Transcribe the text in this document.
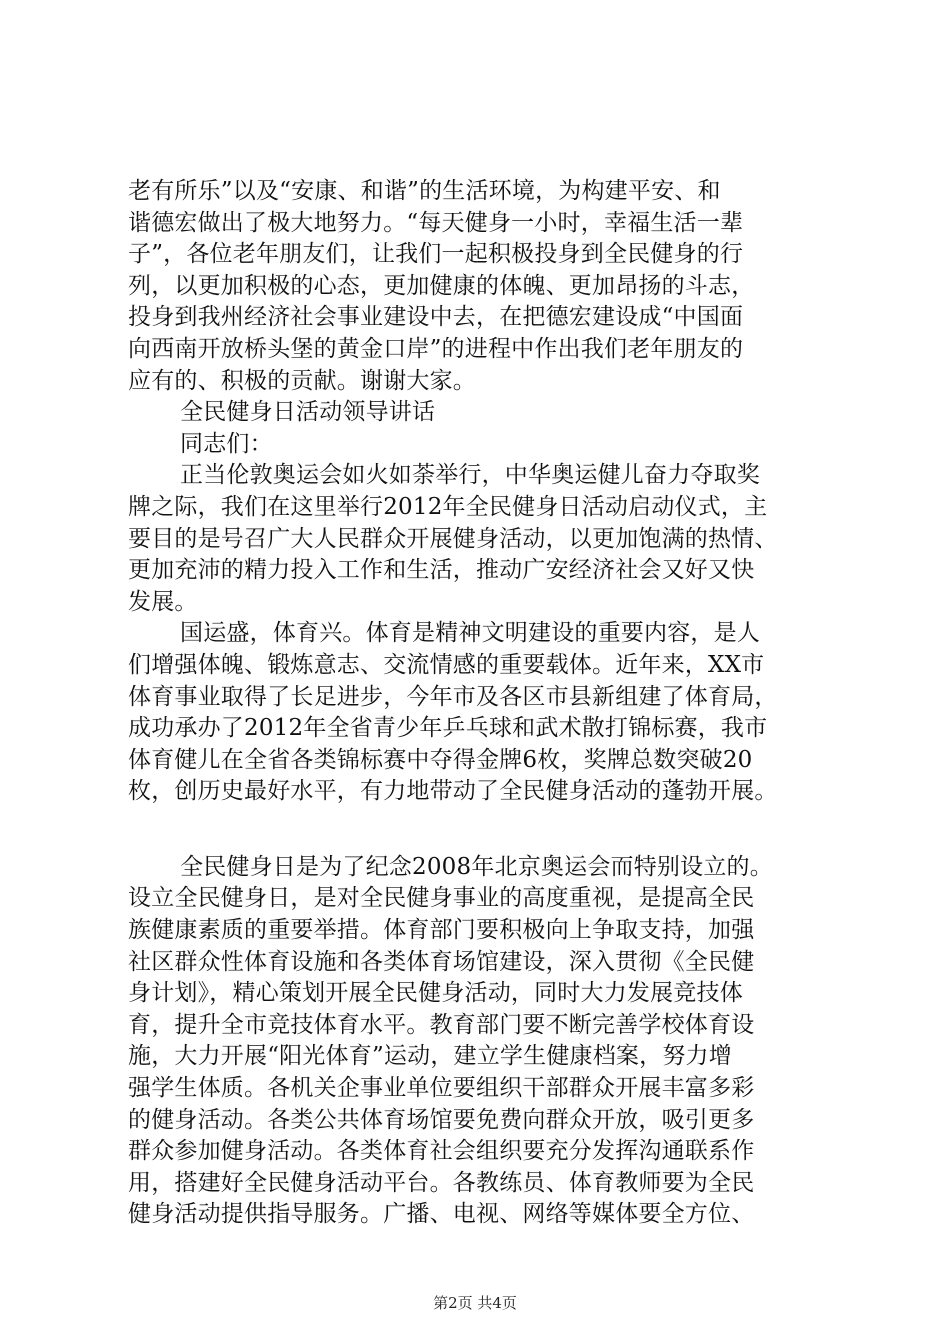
老有所乐”以及“安康、和谐”的生活环境，为构建平安、和
谐德宏做出了极大地努力。“每天健身一小时，幸福生活一辈
子”，各位老年朋友们，让我们一起积极投身到全民健身的行
列，以更加积极的心态，更加健康的体魄、更加昂扬的斗志，
投身到我州经济社会事业建设中去，在把德宏建设成“中国面
向西南开放桥头堡的黄金口岸”的进程中作出我们老年朋友的
应有的、积极的贡献。谢谢大家。
全民健身日活动领导讲话
同志们：
正当伦敦奥运会如火如荼举行，中华奥运健儿奋力夺取奖
牌之际，我们在这里举行2012年全民健身日活动启动仪式，主
要目的是号召广大人民群众开展健身活动，以更加饱满的热情、
更加充沛的精力投入工作和生活，推动广安经济社会又好又快
发展。
国运盛，体育兴。体育是精神文明建设的重要内容，是人
们增强体魄、锻炼意志、交流情感的重要载体。近年来，XX市
体育事业取得了长足进步，今年市及各区市县新组建了体育局，
成功承办了2012年全省青少年乒乓球和武术散打锦标赛，我市
体育健儿在全省各类锦标赛中夺得金牌6枚，奖牌总数突破20
枚，创历史最好水平，有力地带动了全民健身活动的蓬勃开展。
全民健身日是为了纪念2008年北京奥运会而特别设立的。
设立全民健身日，是对全民健身事业的高度重视，是提高全民
族健康素质的重要举措。体育部门要积极向上争取支持，加强
社区群众性体育设施和各类体育场馆建设，深入贯彻《全民健
身计划》，精心策划开展全民健身活动，同时大力发展竞技体
育，提升全市竞技体育水平。教育部门要不断完善学校体育设
施，大力开展“阳光体育”运动，建立学生健康档案，努力增
强学生体质。各机关企事业单位要组织干部群众开展丰富多彩
的健身活动。各类公共体育场馆要免费向群众开放，吸引更多
群众参加健身活动。各类体育社会组织要充分发挥沟通联系作
用，搭建好全民健身活动平台。各教练员、体育教师要为全民
健身活动提供指导服务。广播、电视、网络等媒体要全方位、
第2页 共4页
